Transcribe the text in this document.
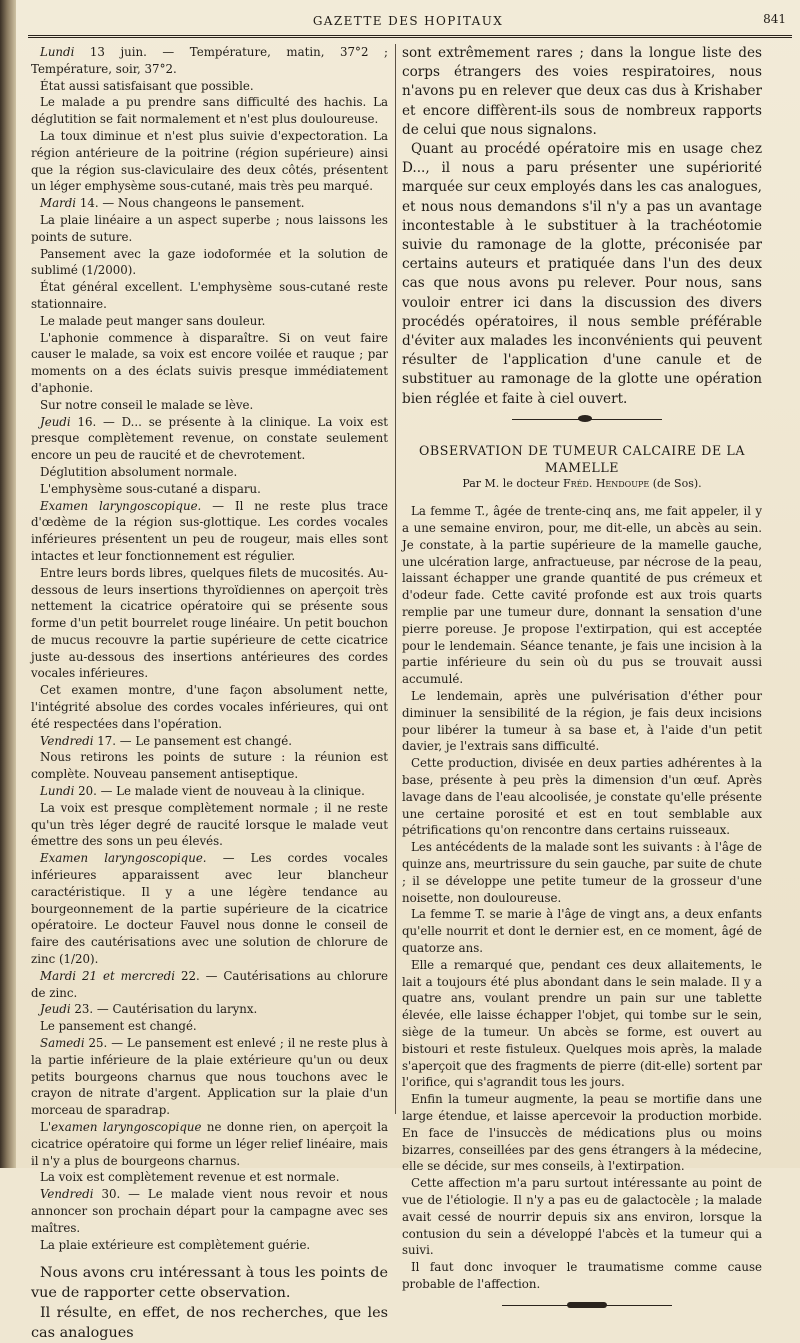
GAZETTE DES HOPITAUX	841

Lundi 13 juin. — Température, matin, 37°2 ; Température, soir, 37°2.

État aussi satisfaisant que possible.

Le malade a pu prendre sans difficulté des hachis. La déglutition se fait normalement et n'est plus douloureuse.

La toux diminue et n'est plus suivie d'expectoration. La région antérieure de la poitrine (région supérieure) ainsi que la région sus-claviculaire des deux côtés, présentent un léger emphysème sous-cutané, mais très peu marqué.

Mardi 14. — Nous changeons le pansement.

La plaie linéaire a un aspect superbe ; nous laissons les points de suture.

Pansement avec la gaze iodoformée et la solution de sublimé (1/2000).

État général excellent. L'emphysème sous-cutané reste stationnaire.

Le malade peut manger sans douleur.

L'aphonie commence à disparaître. Si on veut faire causer le malade, sa voix est encore voilée et rauque ; par moments on a des éclats suivis presque immédiatement d'aphonie.

Sur notre conseil le malade se lève.

Jeudi 16. — D... se présente à la clinique. La voix est presque complètement revenue, on constate seulement encore un peu de raucité et de chevrotement.

Déglutition absolument normale.

L'emphysème sous-cutané a disparu.

Examen laryngoscopique. — Il ne reste plus trace d'œdème de la région sus-glottique. Les cordes vocales inférieures présentent un peu de rougeur, mais elles sont intactes et leur fonctionnement est régulier.

Entre leurs bords libres, quelques filets de mucosités. Au-dessous de leurs insertions thyroïdiennes on aperçoit très nettement la cicatrice opératoire qui se présente sous forme d'un petit bourrelet rouge linéaire. Un petit bouchon de mucus recouvre la partie supérieure de cette cicatrice juste au-dessous des insertions antérieures des cordes vocales inférieures.

Cet examen montre, d'une façon absolument nette, l'intégrité absolue des cordes vocales inférieures, qui ont été respectées dans l'opération.

Vendredi 17. — Le pansement est changé.

Nous retirons les points de suture : la réunion est complète. Nouveau pansement antiseptique.

Lundi 20. — Le malade vient de nouveau à la clinique.

La voix est presque complètement normale ; il ne reste qu'un très léger degré de raucité lorsque le malade veut émettre des sons un peu élevés.

Examen laryngoscopique. — Les cordes vocales inférieures apparaissent avec leur blancheur caractéristique. Il y a une légère tendance au bourgeonnement de la partie supérieure de la cicatrice opératoire. Le docteur Fauvel nous donne le conseil de faire des cautérisations avec une solution de chlorure de zinc (1/20).

Mardi 21 et mercredi 22. — Cautérisations au chlorure de zinc.

Jeudi 23. — Cautérisation du larynx.

Le pansement est changé.

Samedi 25. — Le pansement est enlevé ; il ne reste plus à la partie inférieure de la plaie extérieure qu'un ou deux petits bourgeons charnus que nous touchons avec le crayon de nitrate d'argent. Application sur la plaie d'un morceau de sparadrap.

L'examen laryngoscopique ne donne rien, on aperçoit la cicatrice opératoire qui forme un léger relief linéaire, mais il n'y a plus de bourgeons charnus.

La voix est complètement revenue et est normale.

Vendredi 30. — Le malade vient nous revoir et nous annoncer son prochain départ pour la campagne avec ses maîtres.

La plaie extérieure est complètement guérie.

Nous avons cru intéressant à tous les points de vue de rapporter cette observation.

Il résulte, en effet, de nos recherches, que les cas analogues

sont extrêmement rares ; dans la longue liste des corps étrangers des voies respiratoires, nous n'avons pu en relever que deux cas dus à Krishaber et encore diffèrent-ils sous de nombreux rapports de celui que nous signalons.

Quant au procédé opératoire mis en usage chez D..., il nous a paru présenter une supériorité marquée sur ceux employés dans les cas analogues, et nous nous demandons s'il n'y a pas un avantage incontestable à le substituer à la trachéotomie suivie du ramonage de la glotte, préconisée par certains auteurs et pratiquée dans l'un des deux cas que nous avons pu relever. Pour nous, sans vouloir entrer ici dans la discussion des divers procédés opératoires, il nous semble préférable d'éviter aux malades les inconvénients qui peuvent résulter de l'application d'une canule et de substituer au ramonage de la glotte une opération bien réglée et faite à ciel ouvert.

OBSERVATION DE TUMEUR CALCAIRE DE LA MAMELLE
Par M. le docteur Fréd. Hendoupe (de Sos).

La femme T., âgée de trente-cinq ans, me fait appeler, il y a une semaine environ, pour, me dit-elle, un abcès au sein. Je constate, à la partie supérieure de la mamelle gauche, une ulcération large, anfractueuse, par nécrose de la peau, laissant échapper une grande quantité de pus crémeux et d'odeur fade. Cette cavité profonde est aux trois quarts remplie par une tumeur dure, donnant la sensation d'une pierre poreuse. Je propose l'extirpation, qui est acceptée pour le lendemain. Séance tenante, je fais une incision à la partie inférieure du sein où du pus se trouvait aussi accumulé.

Le lendemain, après une pulvérisation d'éther pour diminuer la sensibilité de la région, je fais deux incisions pour libérer la tumeur à sa base et, à l'aide d'un petit davier, je l'extrais sans difficulté.

Cette production, divisée en deux parties adhérentes à la base, présente à peu près la dimension d'un œuf. Après lavage dans de l'eau alcoolisée, je constate qu'elle présente une certaine porosité et est en tout semblable aux pétrifications qu'on rencontre dans certains ruisseaux.

Les antécédents de la malade sont les suivants : à l'âge de quinze ans, meurtrissure du sein gauche, par suite de chute ; il se développe une petite tumeur de la grosseur d'une noisette, non douloureuse.

La femme T. se marie à l'âge de vingt ans, a deux enfants qu'elle nourrit et dont le dernier est, en ce moment, âgé de quatorze ans.

Elle a remarqué que, pendant ces deux allaitements, le lait a toujours été plus abondant dans le sein malade. Il y a quatre ans, voulant prendre un pain sur une tablette élevée, elle laisse échapper l'objet, qui tombe sur le sein, siège de la tumeur. Un abcès se forme, est ouvert au bistouri et reste fistuleux. Quelques mois après, la malade s'aperçoit que des fragments de pierre (dit-elle) sortent par l'orifice, qui s'agrandit tous les jours.

Enfin la tumeur augmente, la peau se mortifie dans une large étendue, et laisse apercevoir la production morbide. En face de l'insuccès de médications plus ou moins bizarres, conseillées par des gens étrangers à la médecine, elle se décide, sur mes conseils, à l'extirpation.

Cette affection m'a paru surtout intéressante au point de vue de l'étiologie. Il n'y a pas eu de galactocèle ; la malade avait cessé de nourrir depuis six ans environ, lorsque la contusion du sein a développé l'abcès et la tumeur qui a suivi.

Il faut donc invoquer le traumatisme comme cause probable de l'affection.
